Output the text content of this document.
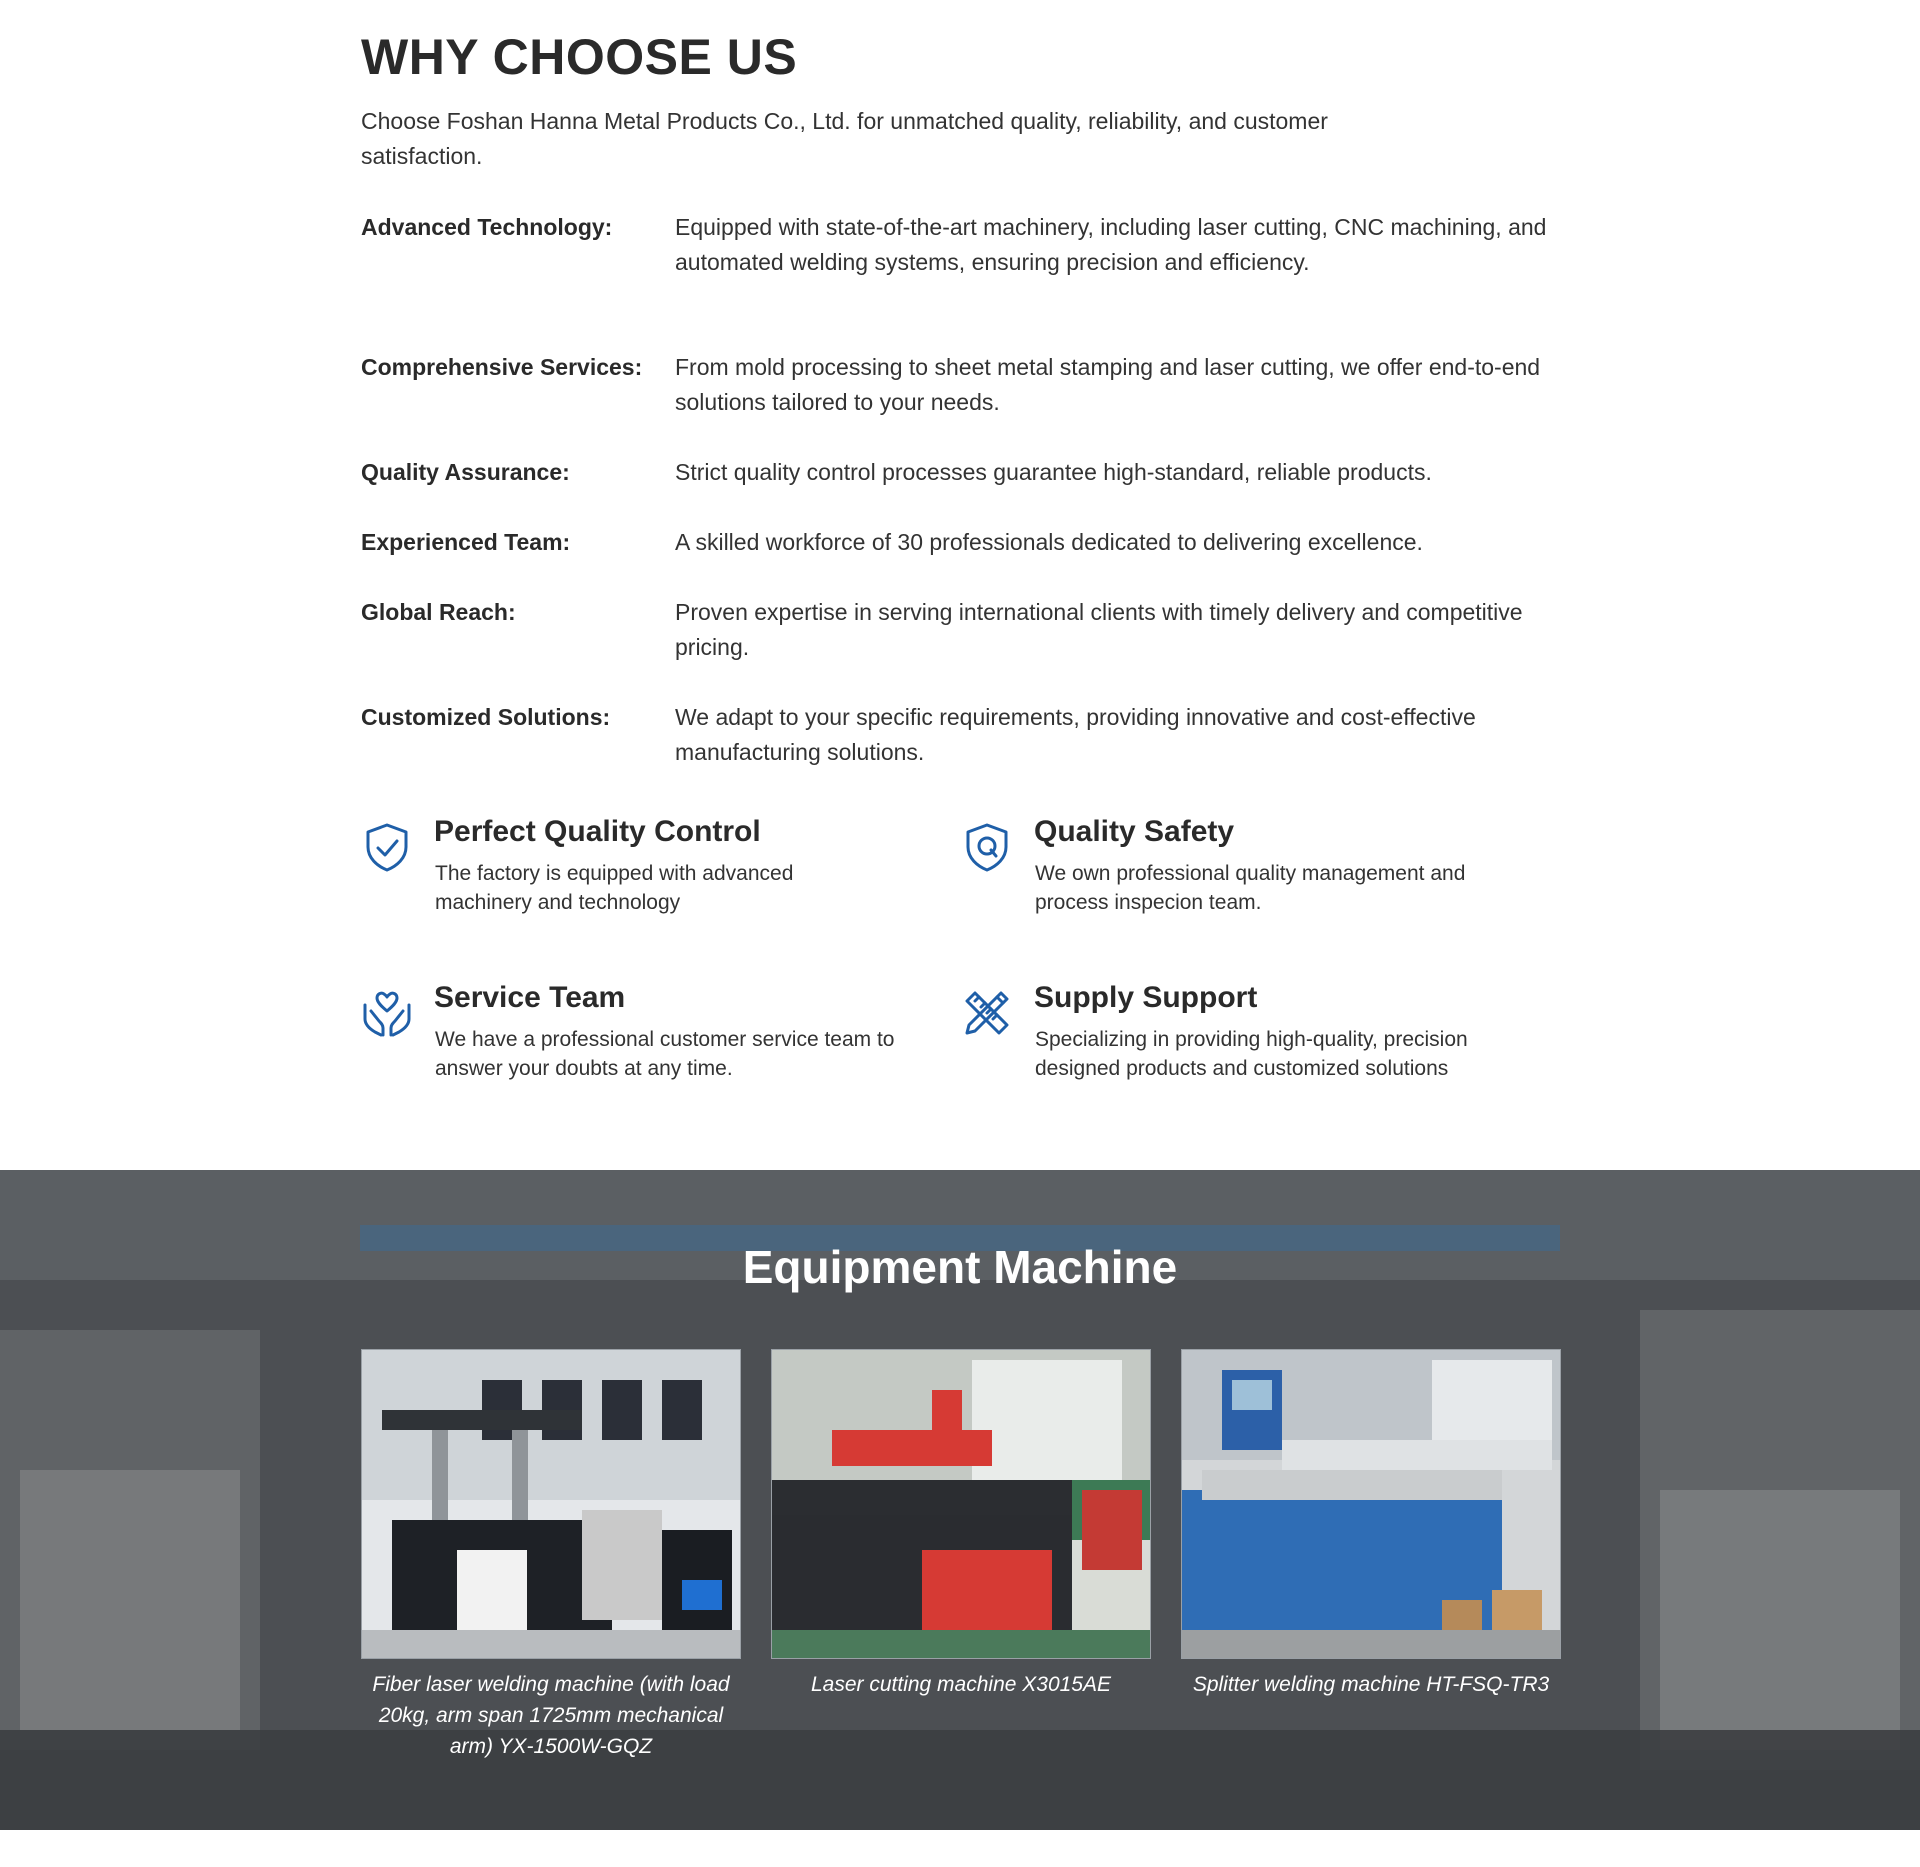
WHY CHOOSE US

Choose Foshan Hanna Metal Products Co., Ltd. for unmatched quality, reliability, and customer satisfaction.

Advanced Technology:	Equipped with state-of-the-art machinery, including laser cutting, CNC machining, and automated welding systems, ensuring precision and efficiency.
Comprehensive Services: From mold processing to sheet metal stamping and laser cutting, we offer end-to-end solutions tailored to your needs.
Quality Assurance:	Strict quality control processes guarantee high-standard, reliable products.
Experienced Team:	A skilled workforce of 30 professionals dedicated to delivering excellence.
Global Reach:	Proven expertise in serving international clients with timely delivery and competitive pricing.
Customized Solutions:	We adapt to your specific requirements, providing innovative and cost-effective manufacturing solutions.
Perfect Quality Control
The factory is equipped with advanced machinery and technology
Quality Safety
We own professional quality management and process inspecion team.
Service Team
We have a professional customer service team to answer your doubts at any time.
Supply Support
Specializing in providing high-quality, precision designed products and customized solutions
Equipment Machine

Fiber laser welding machine (with load 20kg, arm span 1725mm mechanical arm) YX-1500W-GQZ

Laser cutting machine X3015AE	Splitter welding machine HT-FSQ-TR3
